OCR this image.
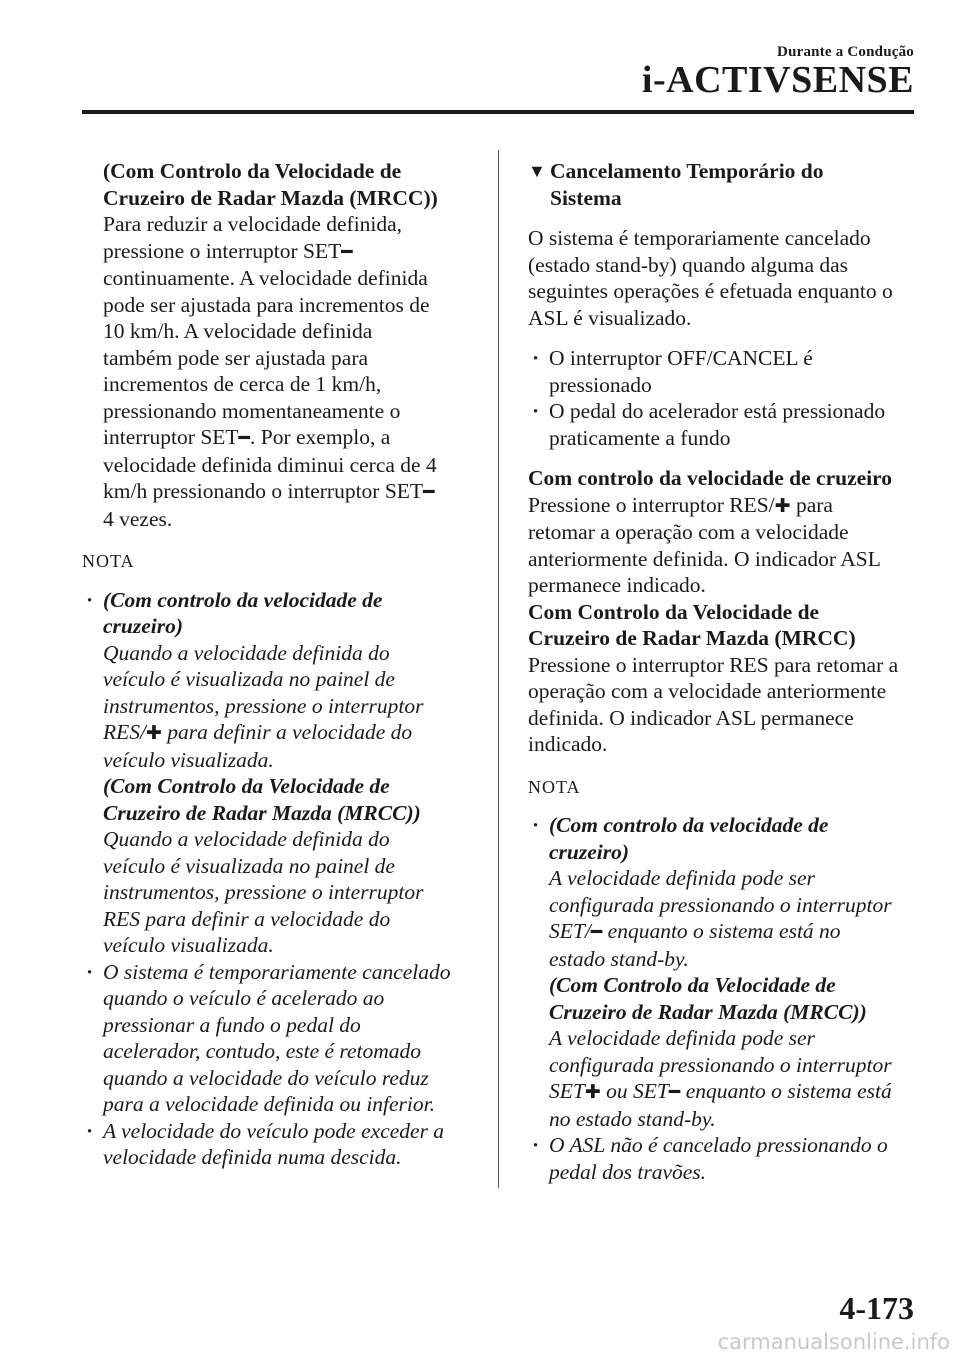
Durante a Condução
i-ACTIVSENSE

(Com Controlo da Velocidade de
Cruzeiro de Radar Mazda (MRCC))

Para reduzir a velocidade definida,
pressione o interruptor SET━
continuamente. A velocidade definida
pode ser ajustada para incrementos de
10 km/h. A velocidade definida
também pode ser ajustada para
incrementos de cerca de 1 km/h,
pressionando momentaneamente o
interruptor SET━. Por exemplo, a
velocidade definida diminui cerca de 4
km/h pressionando o interruptor SET━
4 vezes.

NOTA

· (Com controlo da velocidade de
cruzeiro)
Quando a velocidade definida do
veículo é visualizada no painel de
instrumentos, pressione o interruptor
RES/✚ para definir a velocidade do
veículo visualizada.
(Com Controlo da Velocidade de
Cruzeiro de Radar Mazda (MRCC))
Quando a velocidade definida do
veículo é visualizada no painel de
instrumentos, pressione o interruptor
RES para definir a velocidade do
veículo visualizada.
· O sistema é temporariamente cancelado
quando o veículo é acelerado ao
pressionar a fundo o pedal do
acelerador, contudo, este é retomado
quando a velocidade do veículo reduz
para a velocidade definida ou inferior.
· A velocidade do veículo pode exceder a
velocidade definida numa descida.

▼ Cancelamento Temporário do
Sistema

O sistema é temporariamente cancelado
(estado stand-by) quando alguma das
seguintes operações é efetuada enquanto o
ASL é visualizado.

· O interruptor OFF/CANCEL é
pressionado
· O pedal do acelerador está pressionado
praticamente a fundo

Com controlo da velocidade de cruzeiro
Pressione o interruptor RES/✚ para
retomar a operação com a velocidade
anteriormente definida. O indicador ASL
permanece indicado.
Com Controlo da Velocidade de
Cruzeiro de Radar Mazda (MRCC)
Pressione o interruptor RES para retomar a
operação com a velocidade anteriormente
definida. O indicador ASL permanece
indicado.

NOTA

· (Com controlo da velocidade de
cruzeiro)
A velocidade definida pode ser
configurada pressionando o interruptor
SET/━ enquanto o sistema está no
estado stand-by.
(Com Controlo da Velocidade de
Cruzeiro de Radar Mazda (MRCC))
A velocidade definida pode ser
configurada pressionando o interruptor
SET✚ ou SET━ enquanto o sistema está
no estado stand-by.
· O ASL não é cancelado pressionando o
pedal dos travões.
4-173
carmanualsonline.info
